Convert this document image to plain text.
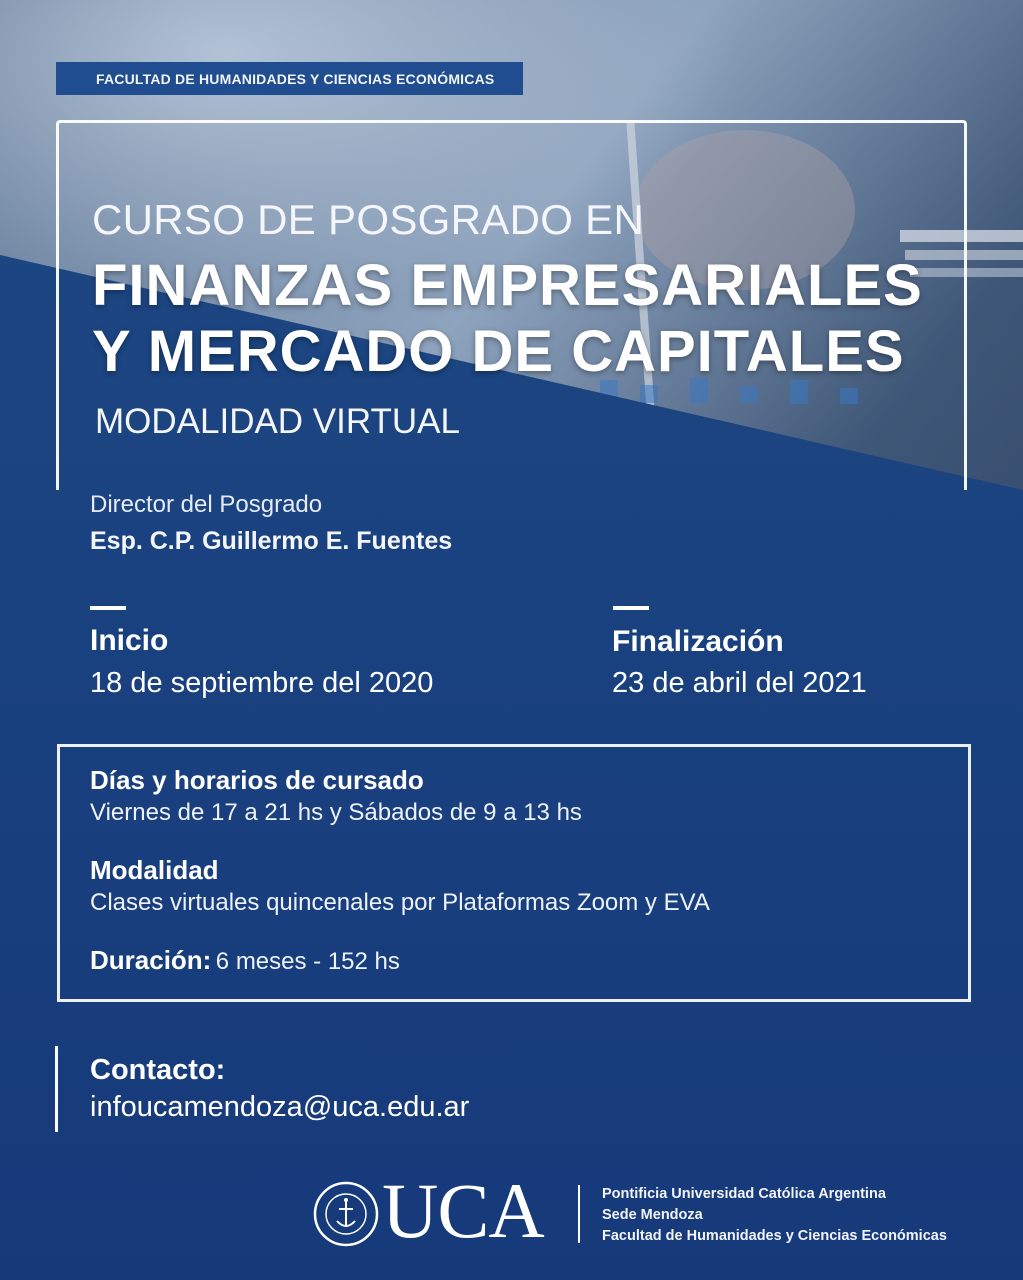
FACULTAD DE HUMANIDADES Y CIENCIAS ECONÓMICAS
CURSO DE POSGRADO EN
FINANZAS EMPRESARIALES
Y MERCADO DE CAPITALES
MODALIDAD VIRTUAL
Director del Posgrado
Esp. C.P. Guillermo E. Fuentes
Inicio
18 de septiembre del 2020
Finalización
23 de abril del 2021
Días y horarios de cursado
Viernes de 17 a 21 hs y Sábados de 9 a 13 hs
Modalidad
Clases virtuales quincenales por Plataformas Zoom y EVA
Duración: 6 meses - 152 hs
Contacto:
infoucamendoza@uca.edu.ar
UCA	Pontificia Universidad Católica Argentina
Sede Mendoza
Facultad de Humanidades y Ciencias Económicas
